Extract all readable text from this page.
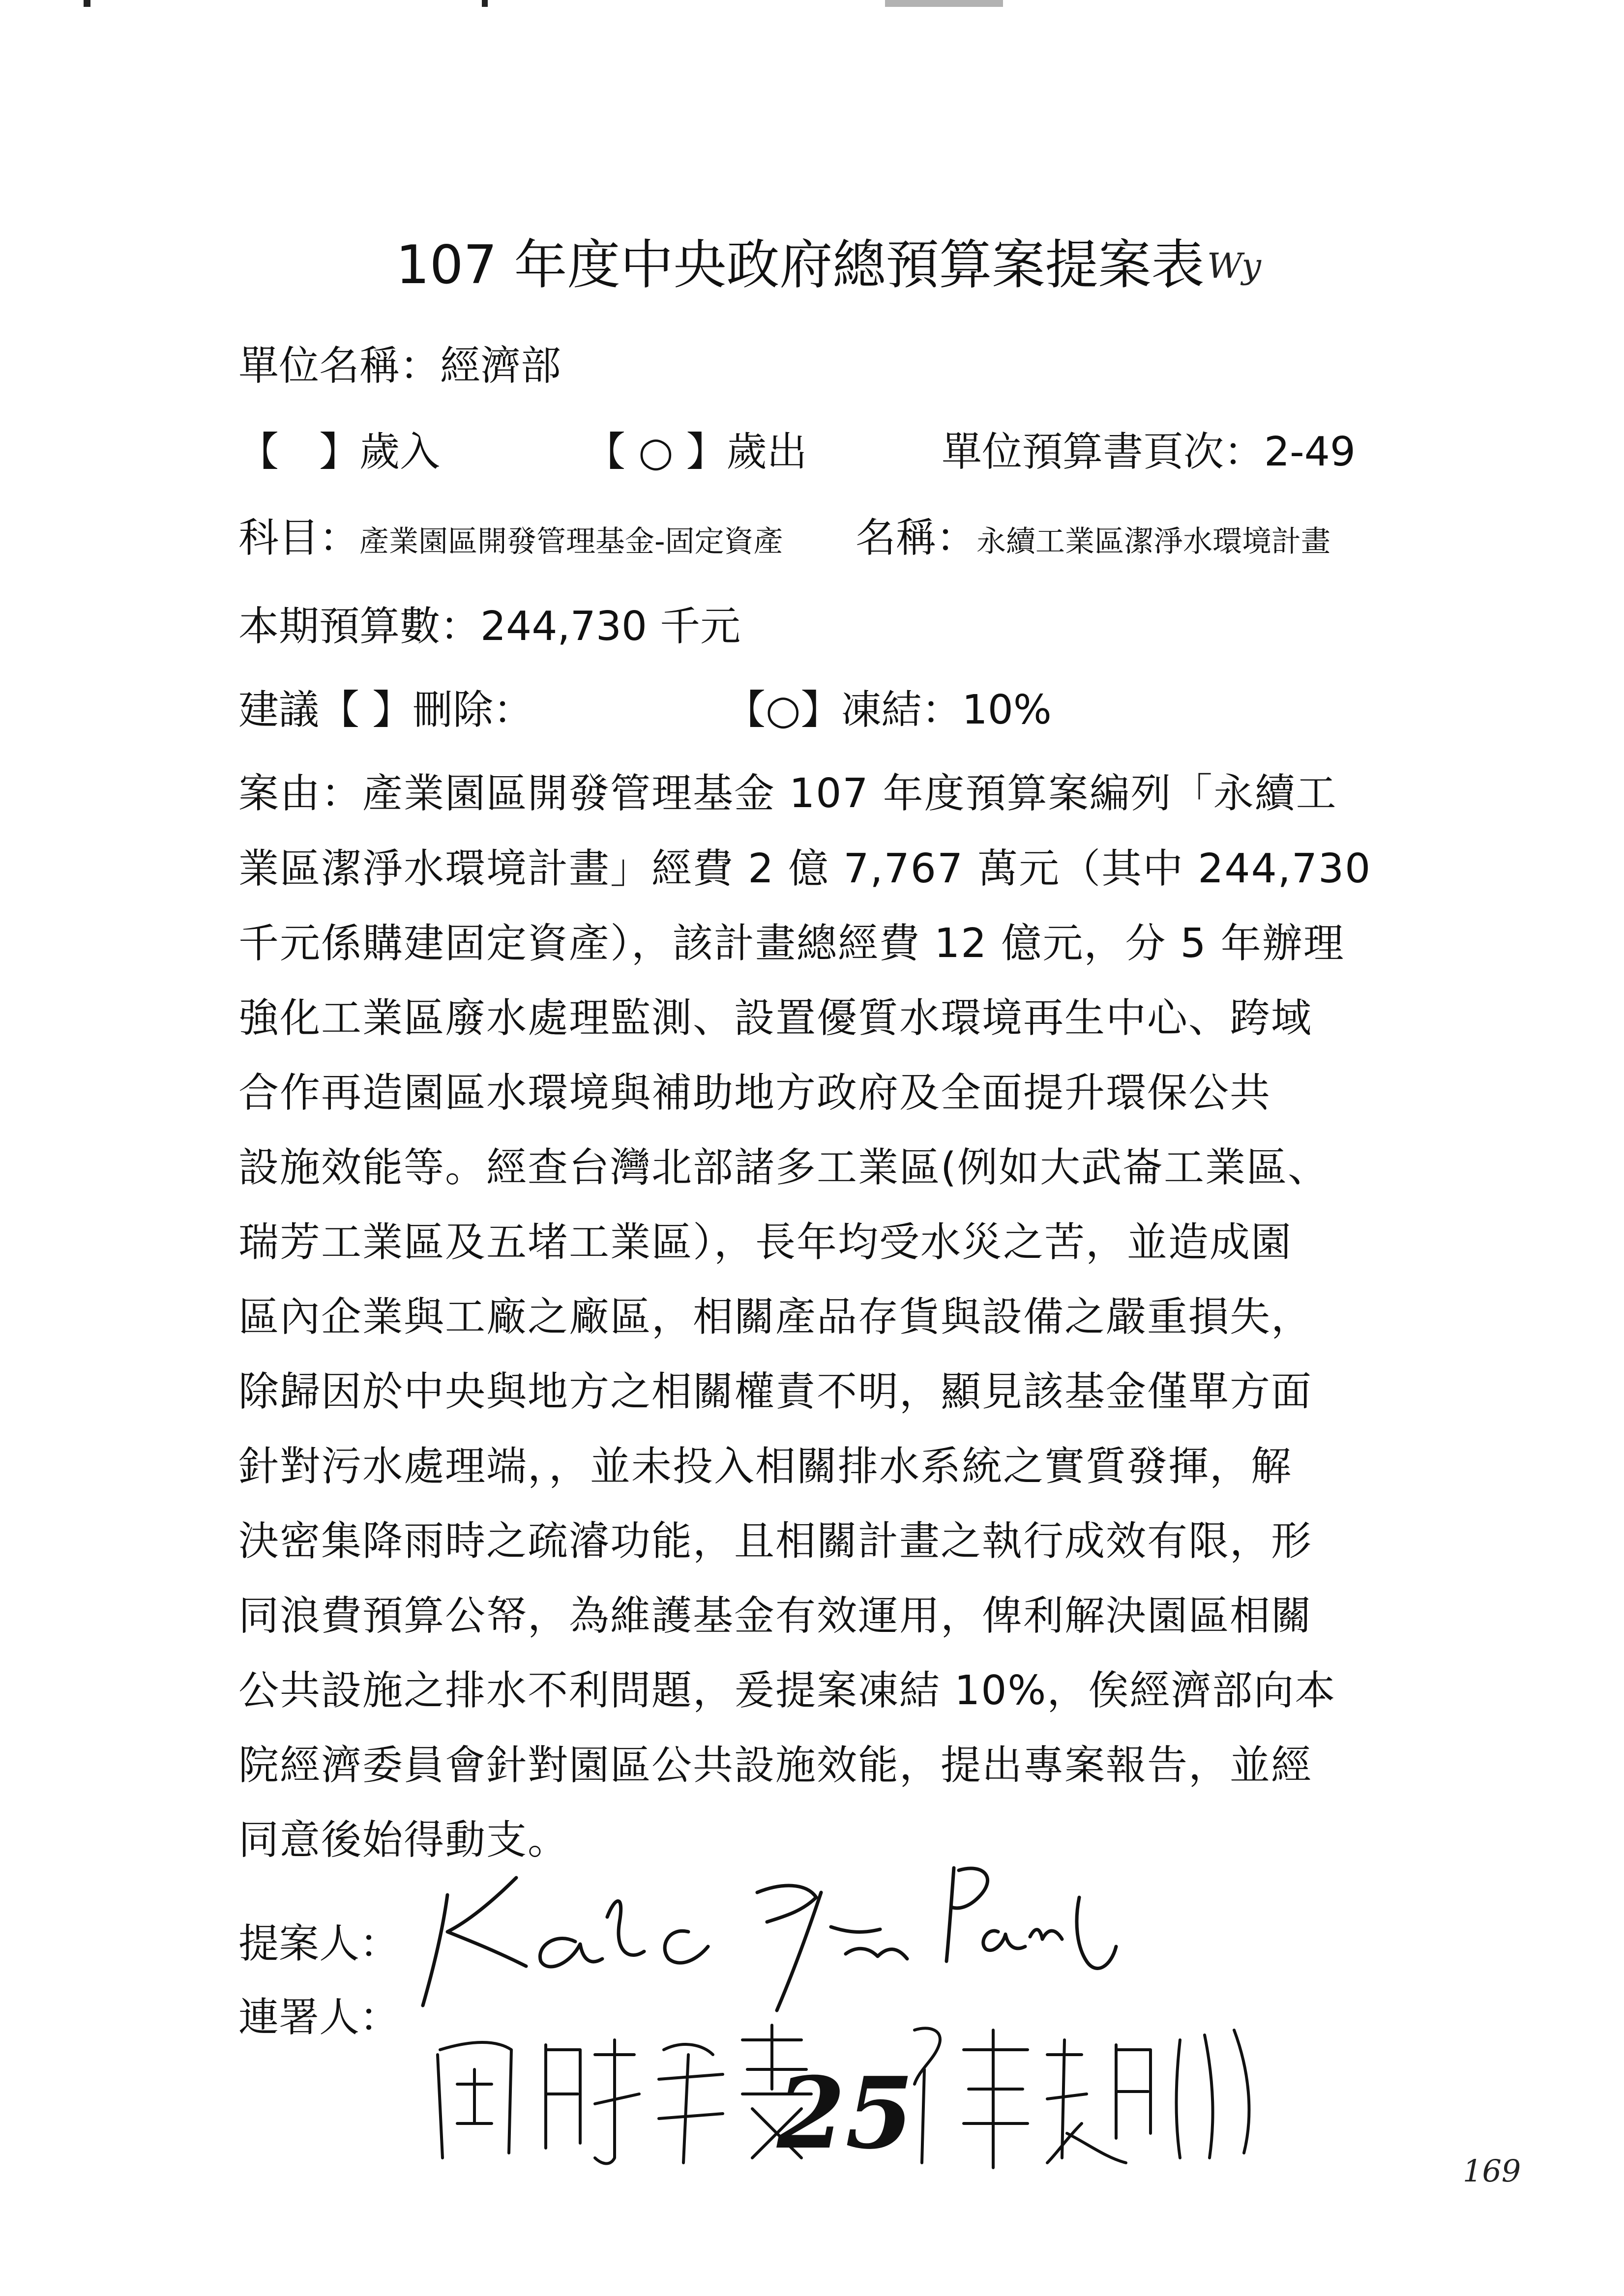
107 年度中央政府總預算案提案表 Wy
單位名稱：經濟部
【　】歲入	【 ○ 】歲出	單位預算書頁次：2-49
科目：產業園區開發管理基金-固定資產 名稱：永續工業區潔淨水環境計畫
本期預算數：244,730 千元
建議【 】刪除：	【○】凍結：10%
案由：產業園區開發管理基金 107 年度預算案編列「永續工
業區潔淨水環境計畫」經費 2 億 7,767 萬元（其中 244,730
千元係購建固定資產），該計畫總經費 12 億元，分 5 年辦理
強化工業區廢水處理監測、設置優質水環境再生中心、跨域
合作再造園區水環境與補助地方政府及全面提升環保公共
設施效能等。經查台灣北部諸多工業區(例如大武崙工業區、
瑞芳工業區及五堵工業區），長年均受水災之苦，並造成園
區內企業與工廠之廠區，相關產品存貨與設備之嚴重損失，
除歸因於中央與地方之相關權責不明，顯見該基金僅單方面
針對污水處理端，，並未投入相關排水系統之實質發揮，解
決密集降雨時之疏濬功能，且相關計畫之執行成效有限，形
同浪費預算公帑，為維護基金有效運用，俾利解決園區相關
公共設施之排水不利問題，爰提案凍結 10%，俟經濟部向本
院經濟委員會針對園區公共設施效能，提出專案報告，並經
同意後始得動支。
提案人：
連署人：
25	169
